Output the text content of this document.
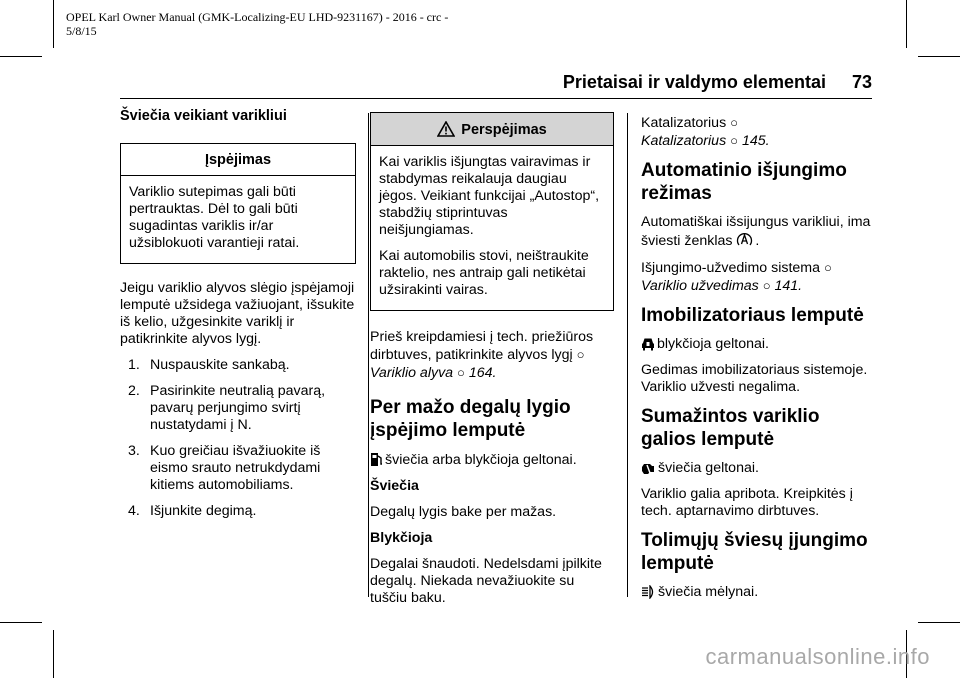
OPEL Karl Owner Manual (GMK-Localizing-EU LHD-9231167) - 2016 - crc -
5/8/15
Prietaisai ir valdymo elementai 73
Šviečia veikiant varikliui
Įspėjimas

Variklio sutepimas gali būti pertrauktas. Dėl to gali būti sugadintas variklis ir/ar užsiblokuoti varantieji ratai.

Jeigu variklio alyvos slėgio įspėjamoji lemputė užsidega važiuojant, išsukite iš kelio, užgesinkite variklį ir patikrinkite alyvos lygį.

1. Nuspauskite sankabą.
2. Pasirinkite neutralią pavarą, pavarų perjungimo svirtį nustatydami į N.
3. Kuo greičiau išvažiuokite iš eismo srauto netrukdydami kitiems automobiliams.
4. Išjunkite degimą.
Perspėjimas

Kai variklis išjungtas vairavimas ir stabdymas reikalauja daugiau jėgos. Veikiant funkcijai „Autostop“, stabdžių stiprintuvas neišjungiamas.

Kai automobilis stovi, neištraukite raktelio, nes antraip gali netikėtai užsirakinti vairas.

Prieš kreipdamiesi į tech. priežiūros dirbtuves, patikrinkite alyvos lygį ○
Variklio alyva ○ 164.

Per mažo degalų lygio įspėjimo lemputė

šviečia arba blykčioja geltonai.

Šviečia

Degalų lygis bake per mažas.

Blykčioja

Degalai šnaudoti. Nedelsdami įpilkite degalų. Niekada nevažiuokite su tuščiu baku.

Katalizatorius ○
Katalizatorius ○ 145.

Automatinio išjungimo režimas

Automatiškai išsijungus varikliui, ima šviesti ženklas .

Išjungimo-užvedimo sistema ○
Variklio užvedimas ○ 141.

Imobilizatoriaus lemputė

blykčioja geltonai.

Gedimas imobilizatoriaus sistemoje. Variklio užvesti negalima.

Sumažintos variklio galios lemputė

šviečia geltonai.

Variklio galia apribota. Kreipkitės į tech. aptarnavimo dirbtuves.

Tolimųjų šviesų įjungimo lemputė

šviečia mėlynai.

carmanualsonline.info
